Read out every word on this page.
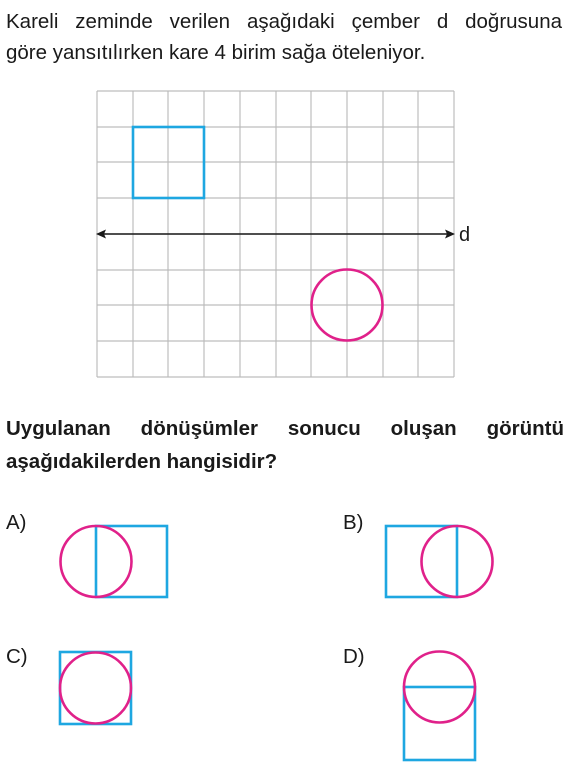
Kareli zeminde verilen aşağıdaki çember d doğrusuna
göre yansıtılırken kare 4 birim sağa öteleniyor.
d
Uygulanan dönüşümler sonucu oluşan görüntü
aşağıdakilerden hangisidir?
A)	B)
C)	D)
